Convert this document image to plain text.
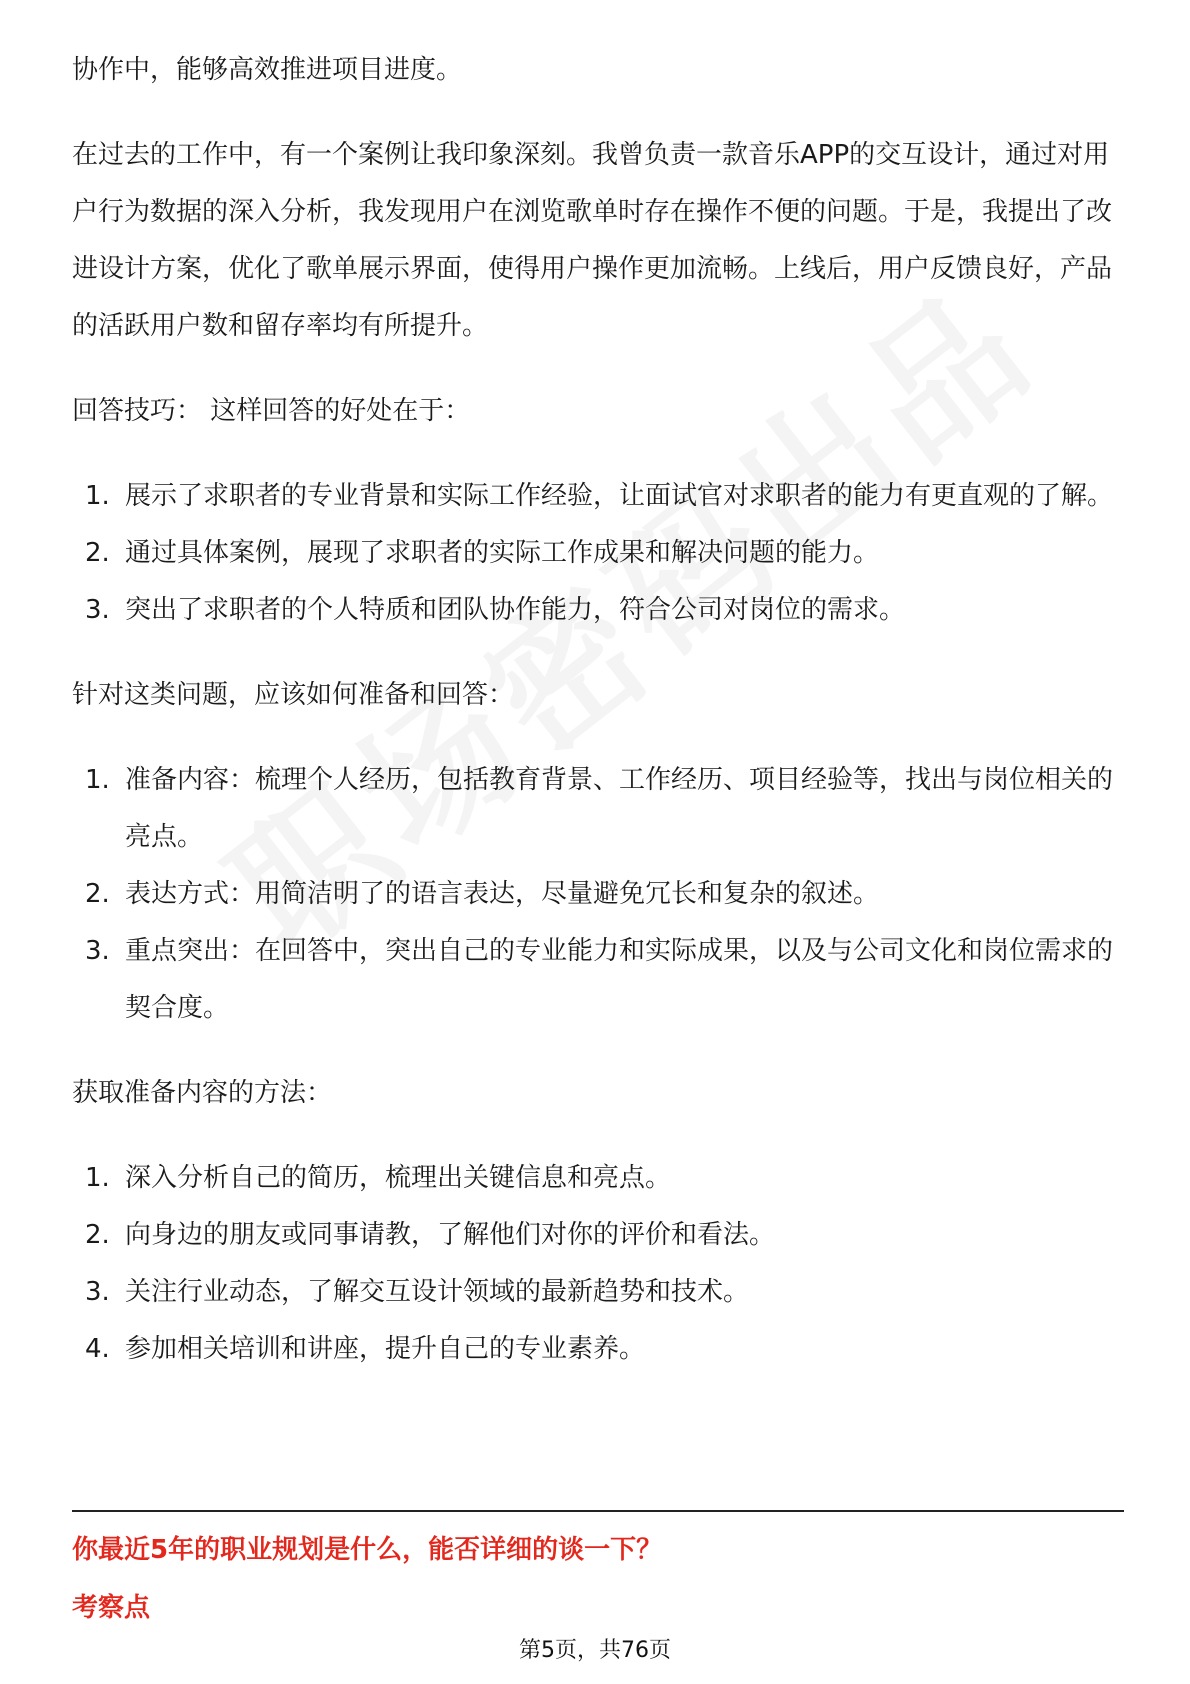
协作中，能够高效推进项目进度。

在过去的工作中，有一个案例让我印象深刻。我曾负责一款音乐APP的交互设计，通过对用户行为数据的深入分析，我发现用户在浏览歌单时存在操作不便的问题。于是，我提出了改进设计方案，优化了歌单展示界面，使得用户操作更加流畅。上线后，用户反馈良好，产品的活跃用户数和留存率均有所提升。

回答技巧： 这样回答的好处在于：

1. 展示了求职者的专业背景和实际工作经验，让面试官对求职者的能力有更直观的了解。
2. 通过具体案例，展现了求职者的实际工作成果和解决问题的能力。
3. 突出了求职者的个人特质和团队协作能力，符合公司对岗位的需求。

针对这类问题，应该如何准备和回答：

1. 准备内容：梳理个人经历，包括教育背景、工作经历、项目经验等，找出与岗位相关的亮点。
2. 表达方式：用简洁明了的语言表达，尽量避免冗长和复杂的叙述。
3. 重点突出：在回答中，突出自己的专业能力和实际成果，以及与公司文化和岗位需求的契合度。

获取准备内容的方法：

1. 深入分析自己的简历，梳理出关键信息和亮点。
2. 向身边的朋友或同事请教，了解他们对你的评价和看法。
3. 关注行业动态，了解交互设计领域的最新趋势和技术。
4. 参加相关培训和讲座，提升自己的专业素养。
你最近5年的职业规划是什么，能否详细的谈一下？
考察点
第5页，共76页
